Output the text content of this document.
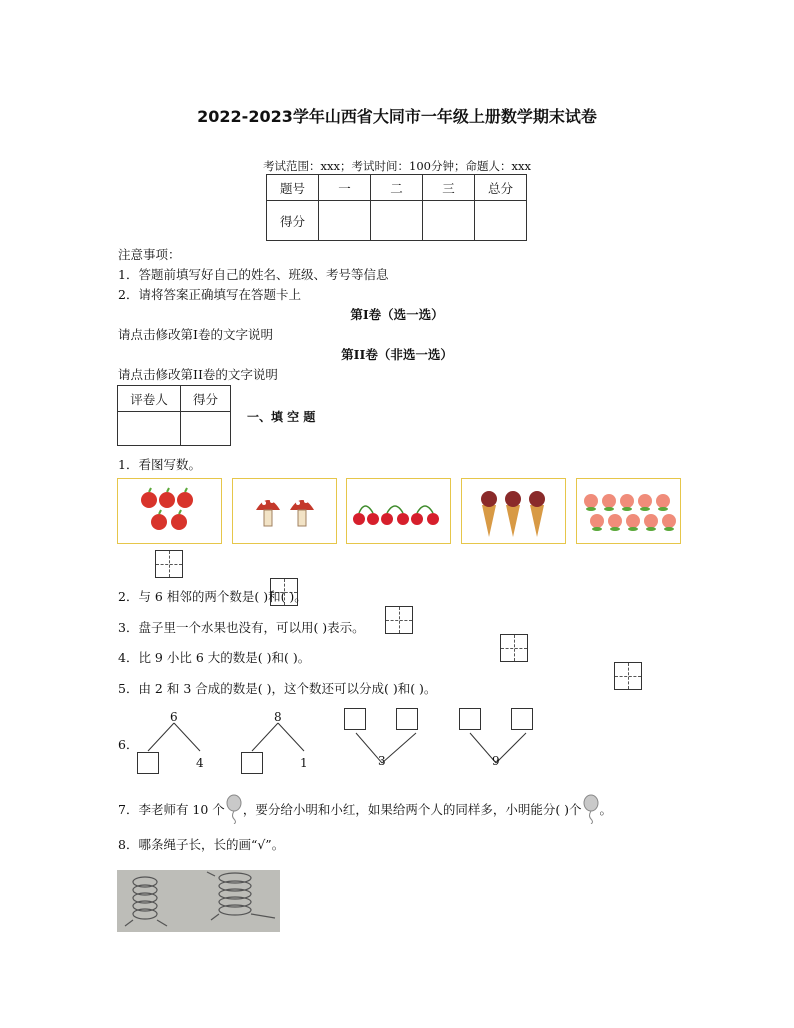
2022-2023学年山西省大同市一年级上册数学期末试卷
考试范围：xxx；考试时间：100分钟；命题人：xxx
题号	一	二	三	总分
得分				
注意事项：
1．答题前填写好自己的姓名、班级、考号等信息
2．请将答案正确填写在答题卡上
第I卷（选一选）
请点击修改第I卷的文字说明
第II卷（非选一选）
请点击修改第II卷的文字说明
评卷人	得分

一、填 空 题
1．看图写数。
2．与 6 相邻的两个数是( )和( )。
3．盘子里一个水果也没有，可以用( )表示。
4．比 9 小比 6 大的数是( )和( )。
5．由 2 和 3 合成的数是( )，这个数还可以分成( )和( )。
6．
6
4
8
1	3	9
7．李老师有 10 个 ，要分给小明和小红，如果给两个人的同样多，小明能分( )个 。
8．哪条绳子长，长的画“√”。
